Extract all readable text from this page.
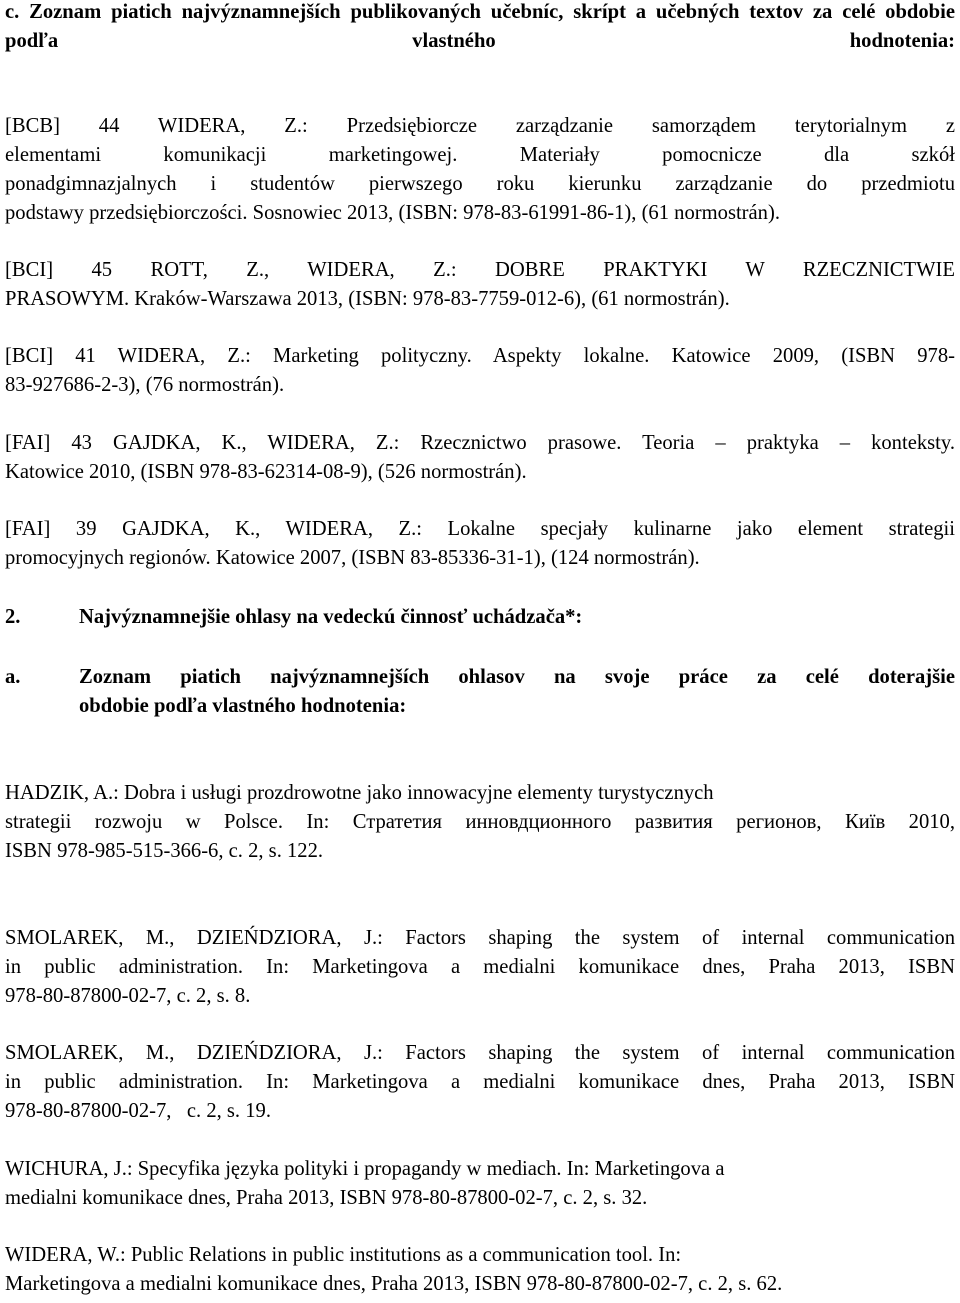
c. Zoznam piatich najvýznamnejších publikovaných učebníc, skrípt a učebných textov za celé obdobie podľa vlastného hodnotenia:
[BCB] 44 WIDERA, Z.: Przedsiębiorcze zarządzanie samorządem terytorialnym z
elementami komunikacji marketingowej. Materiały pomocnicze dla szkół
ponadgimnazjalnych i studentów pierwszego roku kierunku zarządzanie do przedmiotu
podstawy przedsiębiorczości. Sosnowiec 2013, (ISBN: 978-83-61991-86-1), (61 normostrán).
[BCI] 45 ROTT, Z., WIDERA, Z.: DOBRE PRAKTYKI W RZECZNICTWIE
PRASOWYM. Kraków-Warszawa 2013, (ISBN: 978-83-7759-012-6), (61 normostrán).
[BCI] 41 WIDERA, Z.: Marketing polityczny. Aspekty lokalne. Katowice 2009, (ISBN 978-
83-927686-2-3), (76 normostrán).
[FAI] 43 GAJDKA, K., WIDERA, Z.: Rzecznictwo prasowe. Teoria – praktyka – konteksty.
Katowice 2010, (ISBN 978-83-62314-08-9), (526 normostrán).
[FAI] 39 GAJDKA, K., WIDERA, Z.: Lokalne specjały kulinarne jako element strategii
promocyjnych regionów. Katowice 2007, (ISBN 83-85336-31-1), (124 normostrán).
2.	Najvýznamnejšie ohlasy na vedeckú činnosť uchádzača*:
a.	Zoznam piatich najvýznamnejších ohlasov na svoje práce za celé doterajšie
obdobie podľa vlastného hodnotenia:
HADZIK, A.: Dobra i usługi prozdrowotne jako innowacyjne elementy turystycznych
strategii rozwoju w Polsce. In: Стратетия инновдционного развития регионов, Київ 2010,
ISBN 978-985-515-366-6, c. 2, s. 122.
SMOLAREK, M., DZIEŃDZIORA, J.: Factors shaping the system of internal communication
in public administration. In: Marketingova a medialni komunikace dnes, Praha 2013, ISBN
978-80-87800-02-7, c. 2, s. 8.
SMOLAREK, M., DZIEŃDZIORA, J.: Factors shaping the system of internal communication
in public administration. In: Marketingova a medialni komunikace dnes, Praha 2013, ISBN
978-80-87800-02-7,   c. 2, s. 19.
WICHURA, J.: Specyfika języka polityki i propagandy w mediach. In: Marketingova a
medialni komunikace dnes, Praha 2013, ISBN 978-80-87800-02-7, c. 2, s. 32.
WIDERA, W.: Public Relations in public institutions as a communication tool. In:
Marketingova a medialni komunikace dnes, Praha 2013, ISBN 978-80-87800-02-7, c. 2, s. 62.
